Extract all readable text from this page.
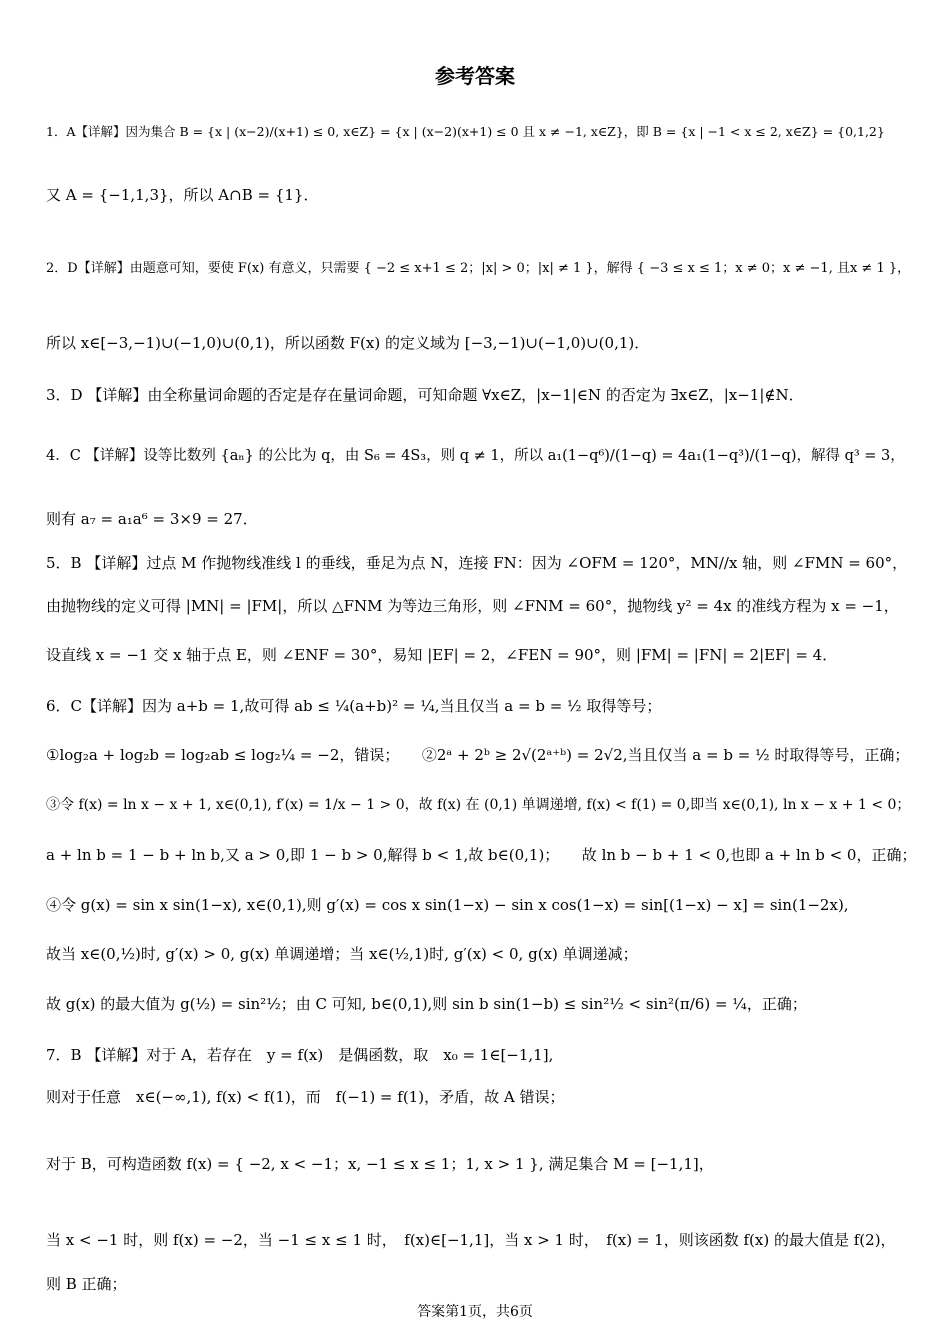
参考答案
1．A【详解】因为集合 B = {x | (x−2)/(x+1) ≤ 0, x∈Z} = {x | (x−2)(x+1) ≤ 0 且 x ≠ −1, x∈Z}，即 B = {x | −1 < x ≤ 2, x∈Z} = {0,1,2}
又 A = {−1,1,3}，所以 A∩B = {1}．
2．D【详解】由题意可知，要使 F(x) 有意义，只需要 { −2 ≤ x+1 ≤ 2；|x| > 0；|x| ≠ 1 }，解得 { −3 ≤ x ≤ 1；x ≠ 0；x ≠ −1, 且x ≠ 1 }，
所以 x∈[−3,−1)∪(−1,0)∪(0,1)，所以函数 F(x) 的定义域为 [−3,−1)∪(−1,0)∪(0,1)．
3．D 【详解】由全称量词命题的否定是存在量词命题，可知命题 ∀x∈Z，|x−1|∈N 的否定为 ∃x∈Z，|x−1|∉N．
4．C 【详解】设等比数列 {aₙ} 的公比为 q，由 S₆ = 4S₃，则 q ≠ 1，所以 a₁(1−q⁶)/(1−q) = 4a₁(1−q³)/(1−q)，解得 q³ = 3，
则有 a₇ = a₁a⁶ = 3×9 = 27．
5．B 【详解】过点 M 作抛物线准线 l 的垂线，垂足为点 N，连接 FN：因为 ∠OFM = 120°，MN//x 轴，则 ∠FMN = 60°，
由抛物线的定义可得 |MN| = |FM|，所以 △FNM 为等边三角形，则 ∠FNM = 60°，抛物线 y² = 4x 的准线方程为 x = −1，
设直线 x = −1 交 x 轴于点 E，则 ∠ENF = 30°，易知 |EF| = 2，∠FEN = 90°，则 |FM| = |FN| = 2|EF| = 4．
6．C【详解】因为 a+b = 1,故可得 ab ≤ ¼(a+b)² = ¼,当且仅当 a = b = ½ 取得等号；
①log₂a + log₂b = log₂ab ≤ log₂¼ = −2，错误；　　②2ᵃ + 2ᵇ ≥ 2√(2ᵃ⁺ᵇ) = 2√2,当且仅当 a = b = ½ 时取得等号，正确；
③令 f(x) = ln x − x + 1, x∈(0,1), f′(x) = 1/x − 1 > 0，故 f(x) 在 (0,1) 单调递增, f(x) < f(1) = 0,即当 x∈(0,1), ln x − x + 1 < 0；
a + ln b = 1 − b + ln b,又 a > 0,即 1 − b > 0,解得 b < 1,故 b∈(0,1)；　　故 ln b − b + 1 < 0,也即 a + ln b < 0，正确；
④令 g(x) = sin x sin(1−x), x∈(0,1),则 g′(x) = cos x sin(1−x) − sin x cos(1−x) = sin[(1−x) − x] = sin(1−2x),
故当 x∈(0,½)时, g′(x) > 0, g(x) 单调递增；当 x∈(½,1)时, g′(x) < 0, g(x) 单调递减；
故 g(x) 的最大值为 g(½) = sin²½；由 C 可知, b∈(0,1),则 sin b sin(1−b) ≤ sin²½ < sin²(π/6) = ¼，正确；
7．B 【详解】对于 A，若存在　y = f(x)　是偶函数，取　x₀ = 1∈[−1,1],
则对于任意　x∈(−∞,1), f(x) < f(1)，而　f(−1) = f(1)，矛盾，故 A 错误；
对于 B，可构造函数 f(x) = { −2, x < −1；x, −1 ≤ x ≤ 1；1, x > 1 }, 满足集合 M = [−1,1]，
当 x < −1 时，则 f(x) = −2，当 −1 ≤ x ≤ 1 时，　f(x)∈[−1,1]，当 x > 1 时，　f(x) = 1，则该函数 f(x) 的最大值是 f(2)，
则 B 正确；
答案第1页，共6页
